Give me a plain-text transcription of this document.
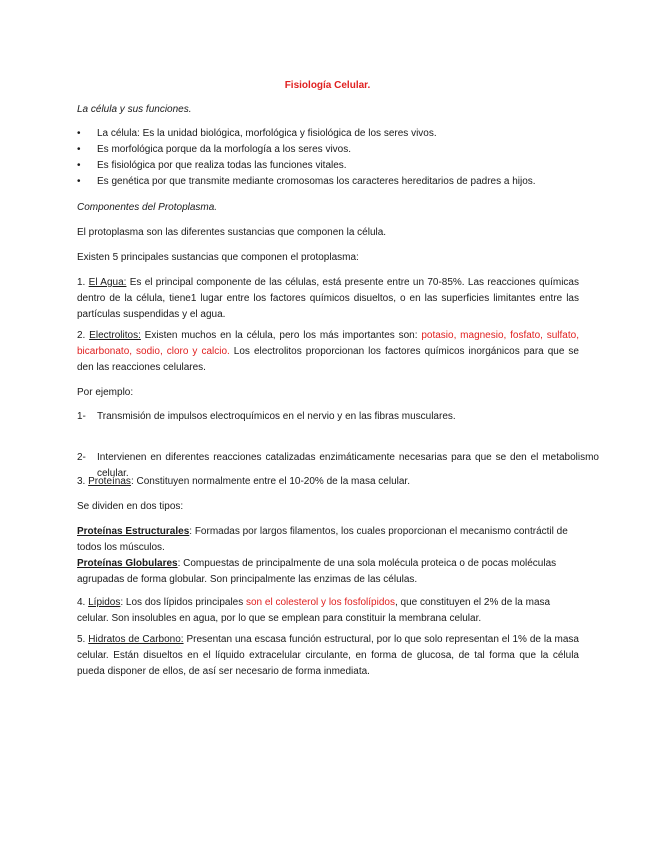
Fisiología Celular.

La célula y sus funciones.

• La célula: Es la unidad biológica, morfológica y fisiológica de los seres vivos.
• Es morfológica porque da la morfología a los seres vivos.
• Es fisiológica por que realiza todas las funciones vitales.
• Es genética por que transmite mediante cromosomas los caracteres hereditarios de padres a hijos.

Componentes del Protoplasma.

El protoplasma son las diferentes sustancias que componen la célula.

Existen 5 principales sustancias que componen el protoplasma:

1. El Agua: Es el principal componente de las células, está presente entre un 70-85%. Las reacciones químicas dentro de la célula, tiene1 lugar entre los factores químicos disueltos, o en las superficies limitantes entre las partículas suspendidas y el agua.

2. Electrolitos: Existen muchos en la célula, pero los más importantes son: potasio, magnesio, fosfato, sulfato, bicarbonato, sodio, cloro y calcio. Los electrolitos proporcionan los factores químicos inorgánicos para que se den las reacciones celulares.

Por ejemplo:

1- Transmisión de impulsos electroquímicos en el nervio y en las fibras musculares.
2- Intervienen en diferentes reacciones catalizadas enzimáticamente necesarias para que se den el metabolismo celular.

3. Proteínas: Constituyen normalmente entre el 10-20% de la masa celular.

Se dividen en dos tipos:

Proteínas Estructurales: Formadas por largos filamentos, los cuales proporcionan el mecanismo contráctil de todos los músculos.

Proteínas Globulares: Compuestas de principalmente de una sola molécula proteica o de pocas moléculas agrupadas de forma globular. Son principalmente las enzimas de las células.

4. Lípidos: Los dos lípidos principales son el colesterol y los fosfolípidos, que constituyen el 2% de la masa celular. Son insolubles en agua, por lo que se emplean para constituir la membrana celular.

5. Hidratos de Carbono: Presentan una escasa función estructural, por lo que solo representan el 1% de la masa celular. Están disueltos en el líquido extracelular circulante, en forma de glucosa, de tal forma que la célula pueda disponer de ellos, de así ser necesario de forma inmediata.
